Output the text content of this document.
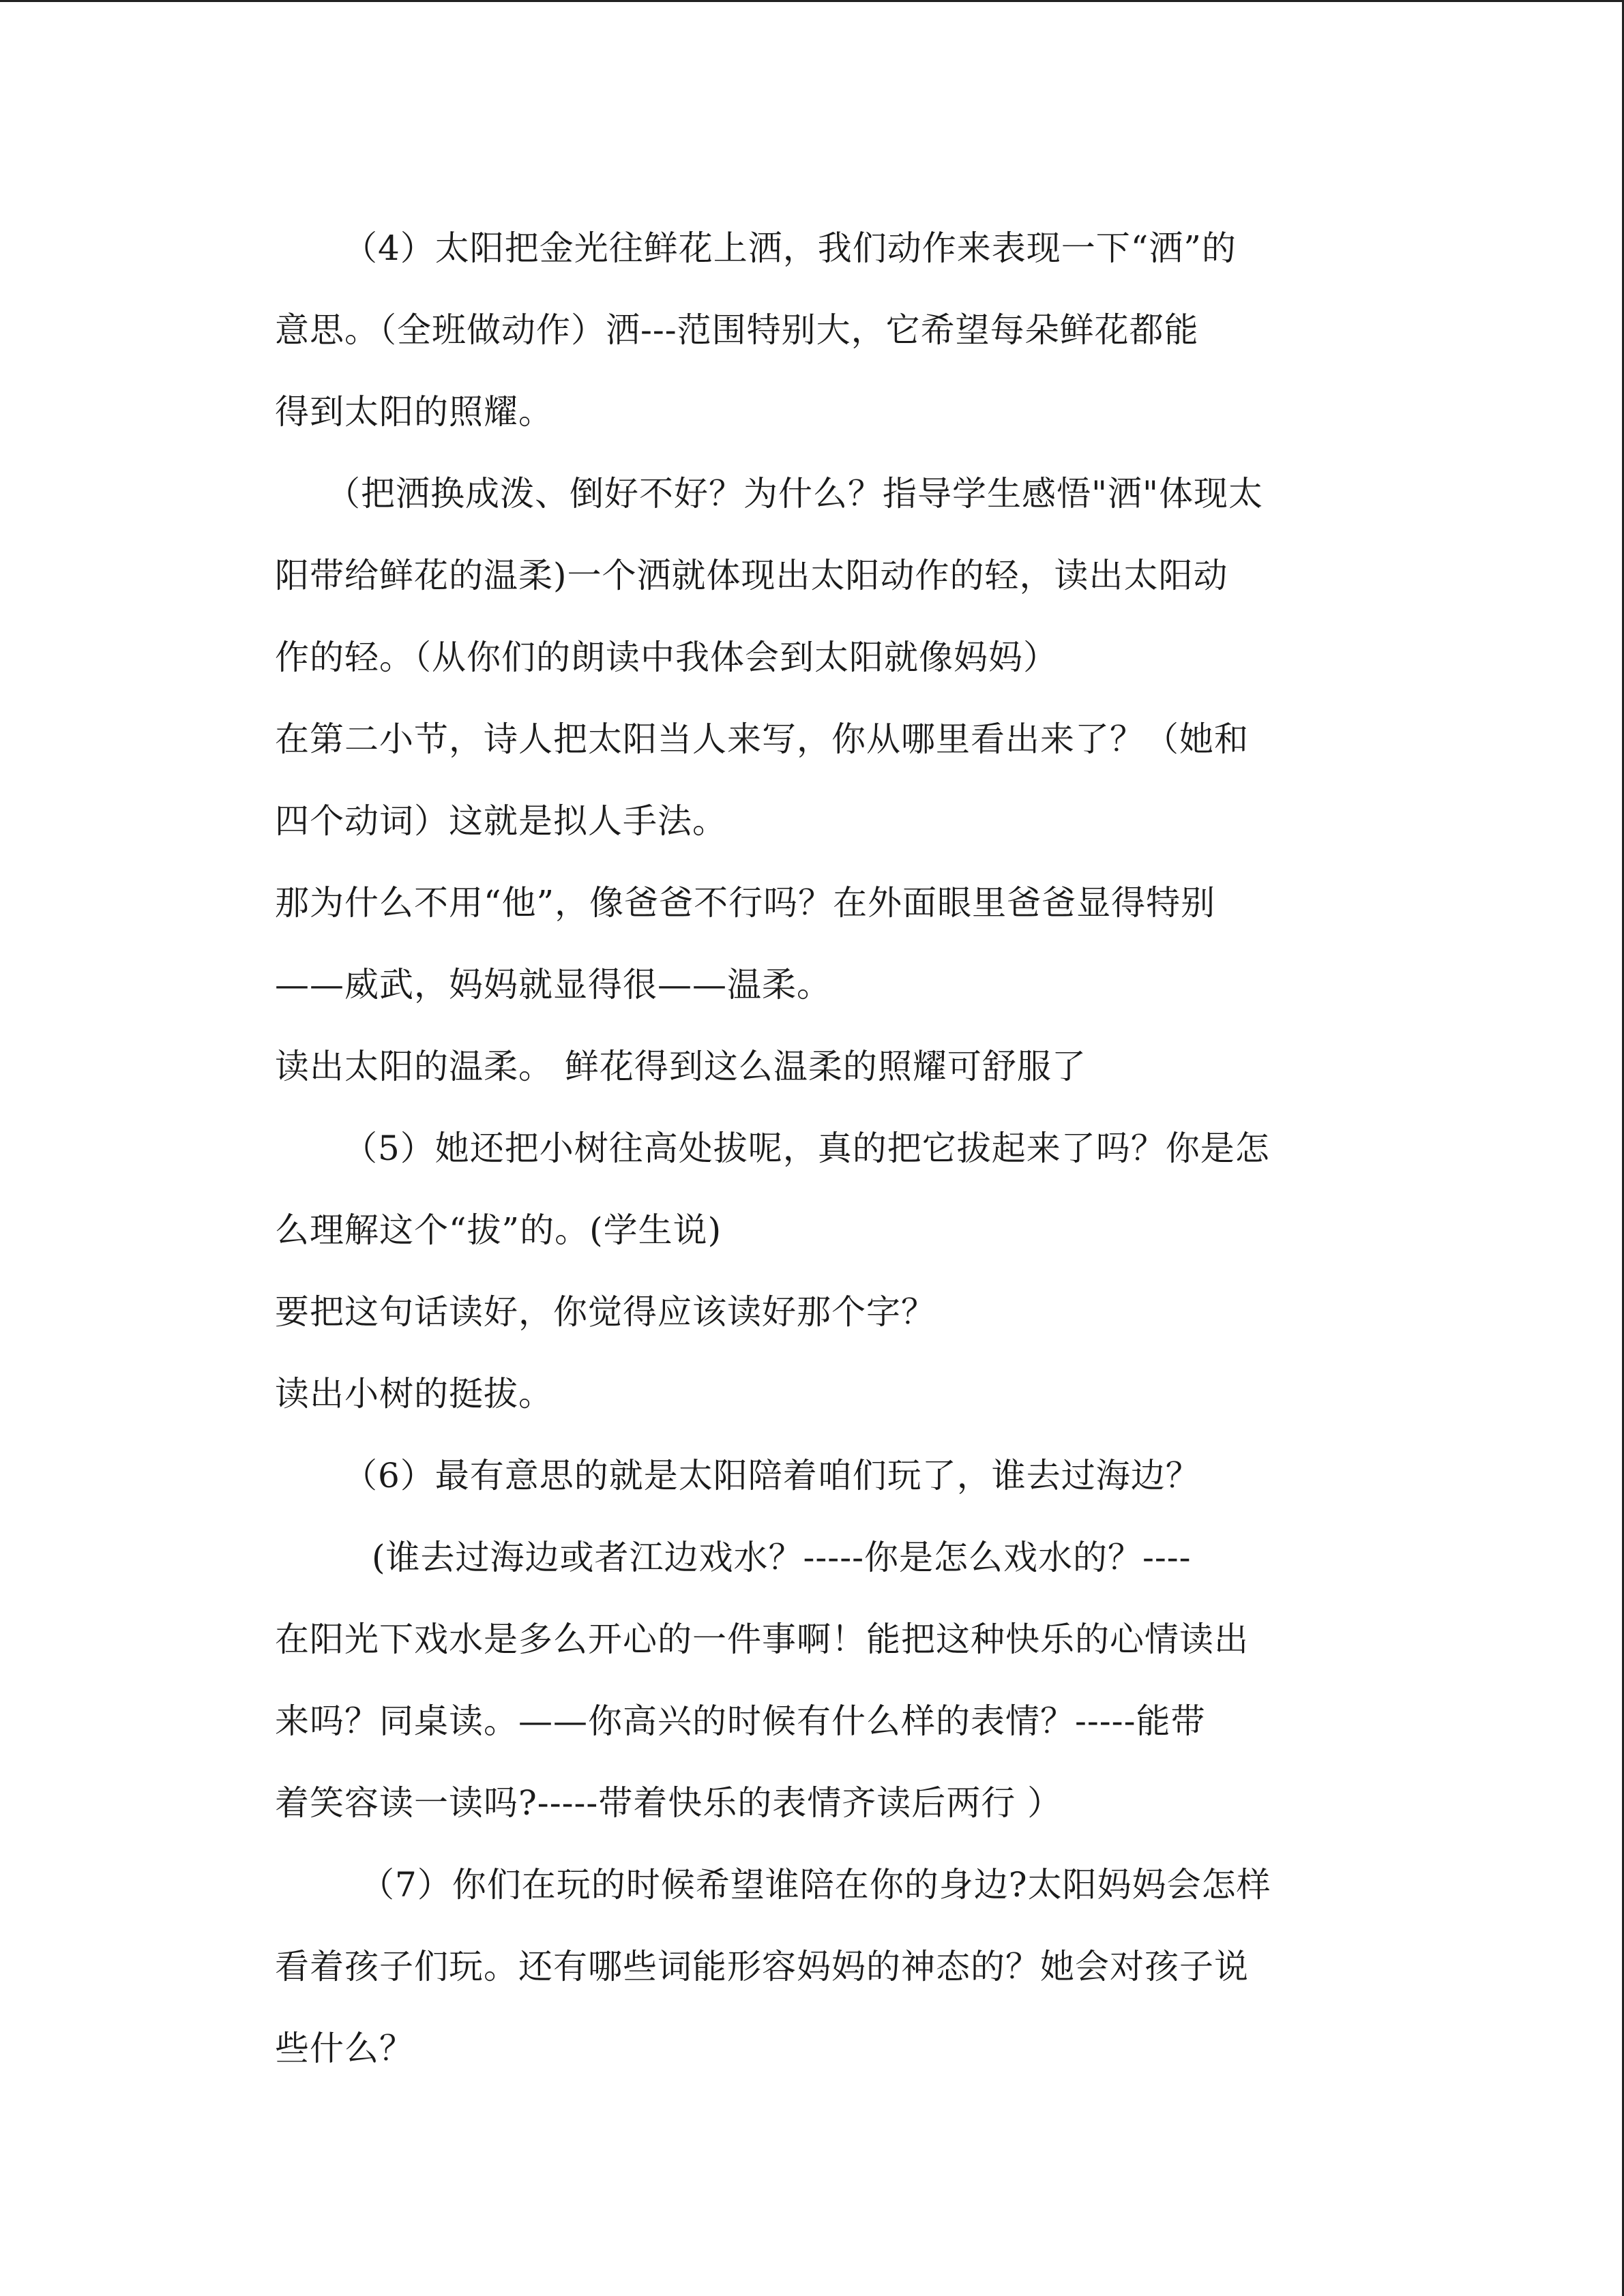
（4）太阳把金光往鲜花上洒，我们动作来表现一下“洒”的
意思。（全班做动作）洒---范围特别大，它希望每朵鲜花都能
得到太阳的照耀。
（把洒换成泼、倒好不好？为什么？指导学生感悟"洒"体现太
阳带给鲜花的温柔)一个洒就体现出太阳动作的轻，读出太阳动
作的轻。（从你们的朗读中我体会到太阳就像妈妈）
在第二小节，诗人把太阳当人来写，你从哪里看出来了？（她和
四个动词）这就是拟人手法。
那为什么不用“他”，像爸爸不行吗？在外面眼里爸爸显得特别
——威武，妈妈就显得很——温柔。
读出太阳的温柔。 鲜花得到这么温柔的照耀可舒服了
（5）她还把小树往高处拔呢，真的把它拔起来了吗？你是怎
么理解这个“拔”的。(学生说)
要把这句话读好，你觉得应该读好那个字？
读出小树的挺拔。
（6）最有意思的就是太阳陪着咱们玩了，谁去过海边？
(谁去过海边或者江边戏水？-----你是怎么戏水的？----
在阳光下戏水是多么开心的一件事啊！能把这种快乐的心情读出
来吗？同桌读。——你高兴的时候有什么样的表情？-----能带
着笑容读一读吗?-----带着快乐的表情齐读后两行 ）
（7）你们在玩的时候希望谁陪在你的身边?太阳妈妈会怎样
看着孩子们玩。还有哪些词能形容妈妈的神态的？她会对孩子说
些什么？
